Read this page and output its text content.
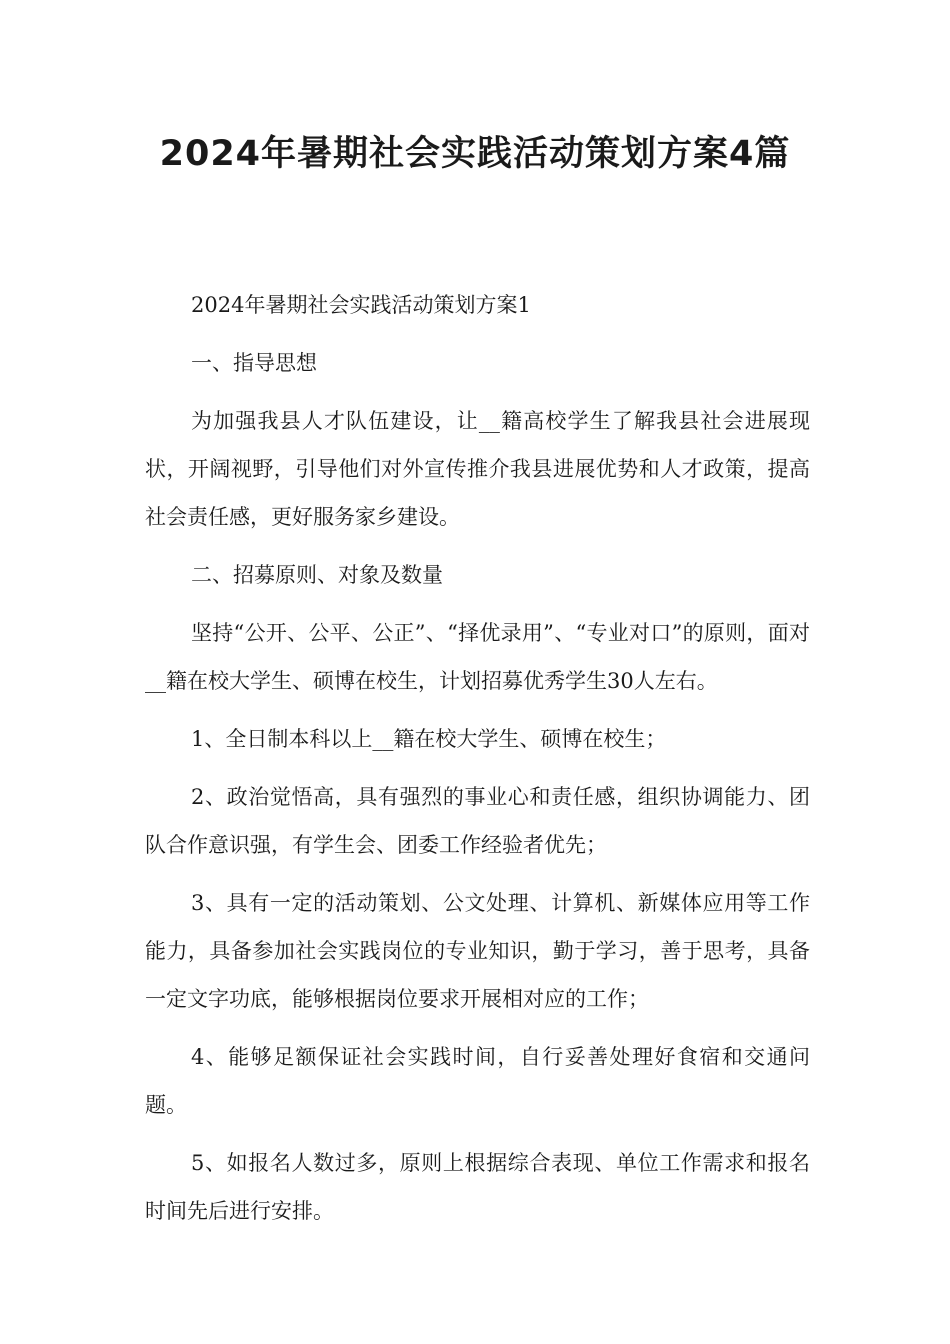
2024年暑期社会实践活动策划方案4篇

2024年暑期社会实践活动策划方案1

一、指导思想

为加强我县人才队伍建设，让__籍高校学生了解我县社会进展现状，开阔视野，引导他们对外宣传推介我县进展优势和人才政策，提高社会责任感，更好服务家乡建设。

二、招募原则、对象及数量

坚持“公开、公平、公正”、“择优录用”、“专业对口”的原则，面对__籍在校大学生、硕博在校生，计划招募优秀学生30人左右。

1、全日制本科以上__籍在校大学生、硕博在校生；

2、政治觉悟高，具有强烈的事业心和责任感，组织协调能力、团队合作意识强，有学生会、团委工作经验者优先；

3、具有一定的活动策划、公文处理、计算机、新媒体应用等工作能力，具备参加社会实践岗位的专业知识，勤于学习，善于思考，具备一定文字功底，能够根据岗位要求开展相对应的工作；

4、能够足额保证社会实践时间，自行妥善处理好食宿和交通问题。

5、如报名人数过多，原则上根据综合表现、单位工作需求和报名时间先后进行安排。
